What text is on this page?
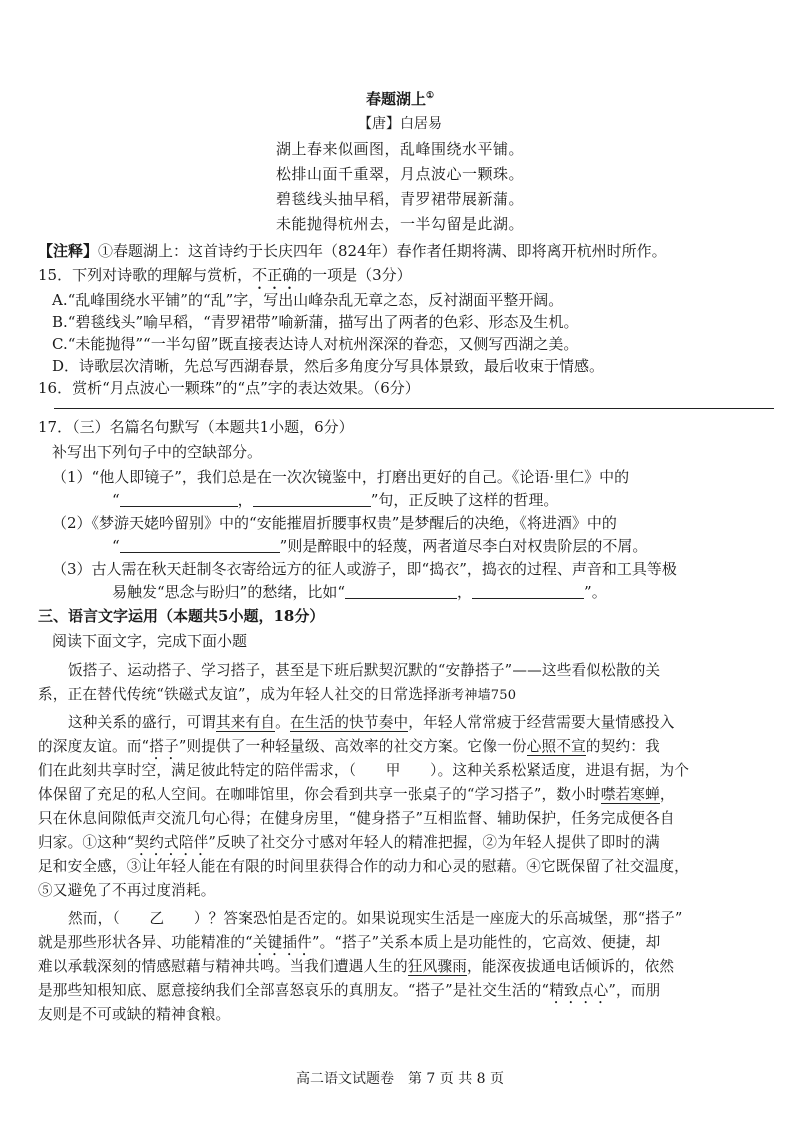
春题湖上①
【唐】白居易
湖上春来似画图，乱峰围绕水平铺。
松排山面千重翠，月点波心一颗珠。
碧毯线头抽早稻，青罗裙带展新蒲。
未能抛得杭州去，一半勾留是此湖。
【注释】①春题湖上：这首诗约于长庆四年（824年）春作者任期将满、即将离开杭州时所作。
15．下列对诗歌的理解与赏析，不正确的一项是（3分）
A.“乱峰围绕水平铺”的“乱”字，写出山峰杂乱无章之态，反衬湖面平整开阔。
B.“碧毯线头”喻早稻，“青罗裙带”喻新蒲，描写出了两者的色彩、形态及生机。
C.“未能抛得”“一半勾留”既直接表达诗人对杭州深深的眷恋，又侧写西湖之美。
D．诗歌层次清晰，先总写西湖春景，然后多角度分写具体景致，最后收束于情感。
16．赏析“月点波心一颗珠”的“点”字的表达效果。（6分）
17．（三）名篇名句默写（本题共1小题，6分）
补写出下列句子中的空缺部分。
（1）“他人即镜子”，我们总是在一次次镜鉴中，打磨出更好的自己。《论语·里仁》中的
“	，	”句，正反映了这样的哲理。
（2）《梦游天姥吟留别》中的“安能摧眉折腰事权贵”是梦醒后的决绝，《将进酒》中的
“	”则是醉眼中的轻蔑，两者道尽李白对权贵阶层的不屑。
（3）古人需在秋天赶制冬衣寄给远方的征人或游子，即“捣衣”，捣衣的过程、声音和工具等极
易触发“思念与盼归”的愁绪，比如“	，	”。
三、语言文字运用（本题共5小题，18分）
阅读下面文字，完成下面小题
饭搭子、运动搭子、学习搭子，甚至是下班后默契沉默的“安静搭子”——这些看似松散的关
系，正在替代传统“铁磁式友谊”，成为年轻人社交的日常选择浙考神墙750
这种关系的盛行，可谓其来有自。在生活的快节奏中，年轻人常常疲于经营需要大量情感投入
的深度友谊。而“搭子”则提供了一种轻量级、高效率的社交方案。它像一份心照不宣的契约：我
们在此刻共享时空，满足彼此特定的陪伴需求，（　　甲　　）。这种关系松紧适度，进退有据，为个
体保留了充足的私人空间。在咖啡馆里，你会看到共享一张桌子的“学习搭子”，数小时噤若寒蝉，
只在休息间隙低声交流几句心得；在健身房里，“健身搭子”互相监督、辅助保护，任务完成便各自
归家。①这种“契约式陪伴”反映了社交分寸感对年轻人的精准把握，②为年轻人提供了即时的满
足和安全感，③让年轻人能在有限的时间里获得合作的动力和心灵的慰藉。④它既保留了社交温度，
⑤又避免了不再过度消耗。
然而，（　　乙　　）？答案恐怕是否定的。如果说现实生活是一座庞大的乐高城堡，那“搭子”
就是那些形状各异、功能精准的“关键插件”。“搭子”关系本质上是功能性的，它高效、便捷，却
难以承载深刻的情感慰藉与精神共鸣。当我们遭遇人生的狂风骤雨，能深夜拔通电话倾诉的，依然
是那些知根知底、愿意接纳我们全部喜怒哀乐的真朋友。“搭子”是社交生活的“精致点心”，而朋
友则是不可或缺的精神食粮。
高二语文试题卷　第 7 页 共 8 页
